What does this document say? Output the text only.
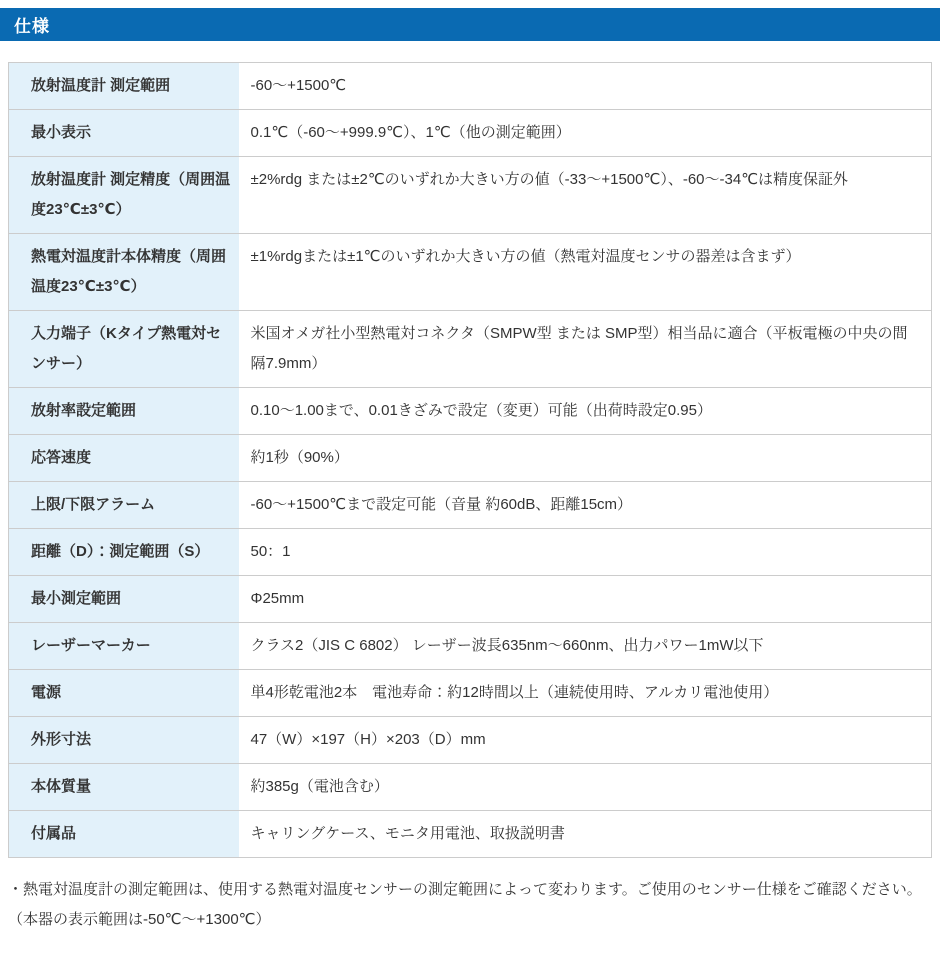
仕様
放射温度計 測定範囲	-60〜+1500℃
最小表示	0.1℃（-60〜+999.9℃）、1℃（他の測定範囲）
放射温度計 測定精度（周囲温度23℃±3℃）	±2%rdg または±2℃のいずれか大きい方の値（-33〜+1500℃）、-60〜-34℃は精度保証外
熱電対温度計本体精度（周囲温度23℃±3℃）	±1%rdgまたは±1℃のいずれか大きい方の値（熱電対温度センサの器差は含まず）
入力端子（Kタイプ熱電対センサー）	米国オメガ社小型熱電対コネクタ（SMPW型 または SMP型）相当品に適合（平板電極の中央の間隔7.9mm）
放射率設定範囲	0.10〜1.00まで、0.01きざみで設定（変更）可能（出荷時設定0.95）
応答速度	約1秒（90%）
上限/下限アラーム	-60〜+1500℃まで設定可能（音量 約60dB、距離15cm）
距離（D）：測定範囲（S）	50：1
最小測定範囲	Φ25mm
レーザーマーカー	クラス2（JIS C 6802） レーザー波長635nm〜660nm、出力パワー1mW以下
電源	単4形乾電池2本　電池寿命：約12時間以上（連続使用時、アルカリ電池使用）
外形寸法	47（W）×197（H）×203（D）mm
本体質量	約385g（電池含む）
付属品	キャリングケース、モニタ用電池、取扱説明書

・熱電対温度計の測定範囲は、使用する熱電対温度センサーの測定範囲によって変わります。ご使用のセンサー仕様をご確認ください。（本器の表示範囲は-50℃〜+1300℃）
